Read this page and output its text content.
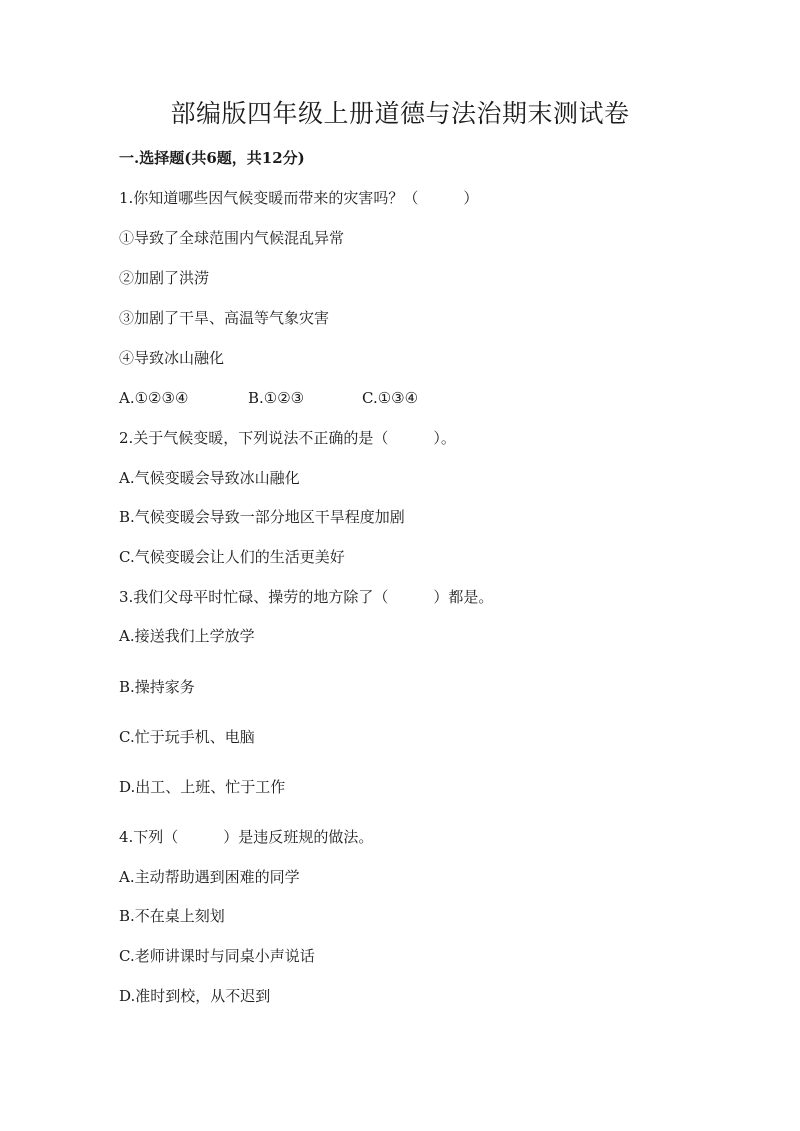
部编版四年级上册道德与法治期末测试卷
一.选择题(共6题，共12分)
1.你知道哪些因气候变暖而带来的灾害吗？（　　　）
①导致了全球范围内气候混乱异常
②加剧了洪涝
③加剧了干旱、高温等气象灾害
④导致冰山融化
A.①②③④	B.①②③	C.①③④
2.关于气候变暖，下列说法不正确的是（　　　）。
A.气候变暖会导致冰山融化
B.气候变暖会导致一部分地区干旱程度加剧
C.气候变暖会让人们的生活更美好
3.我们父母平时忙碌、操劳的地方除了（　　　）都是。
A.接送我们上学放学
B.操持家务
C.忙于玩手机、电脑
D.出工、上班、忙于工作
4.下列（　　　）是违反班规的做法。
A.主动帮助遇到困难的同学
B.不在桌上刻划
C.老师讲课时与同桌小声说话
D.准时到校，从不迟到
